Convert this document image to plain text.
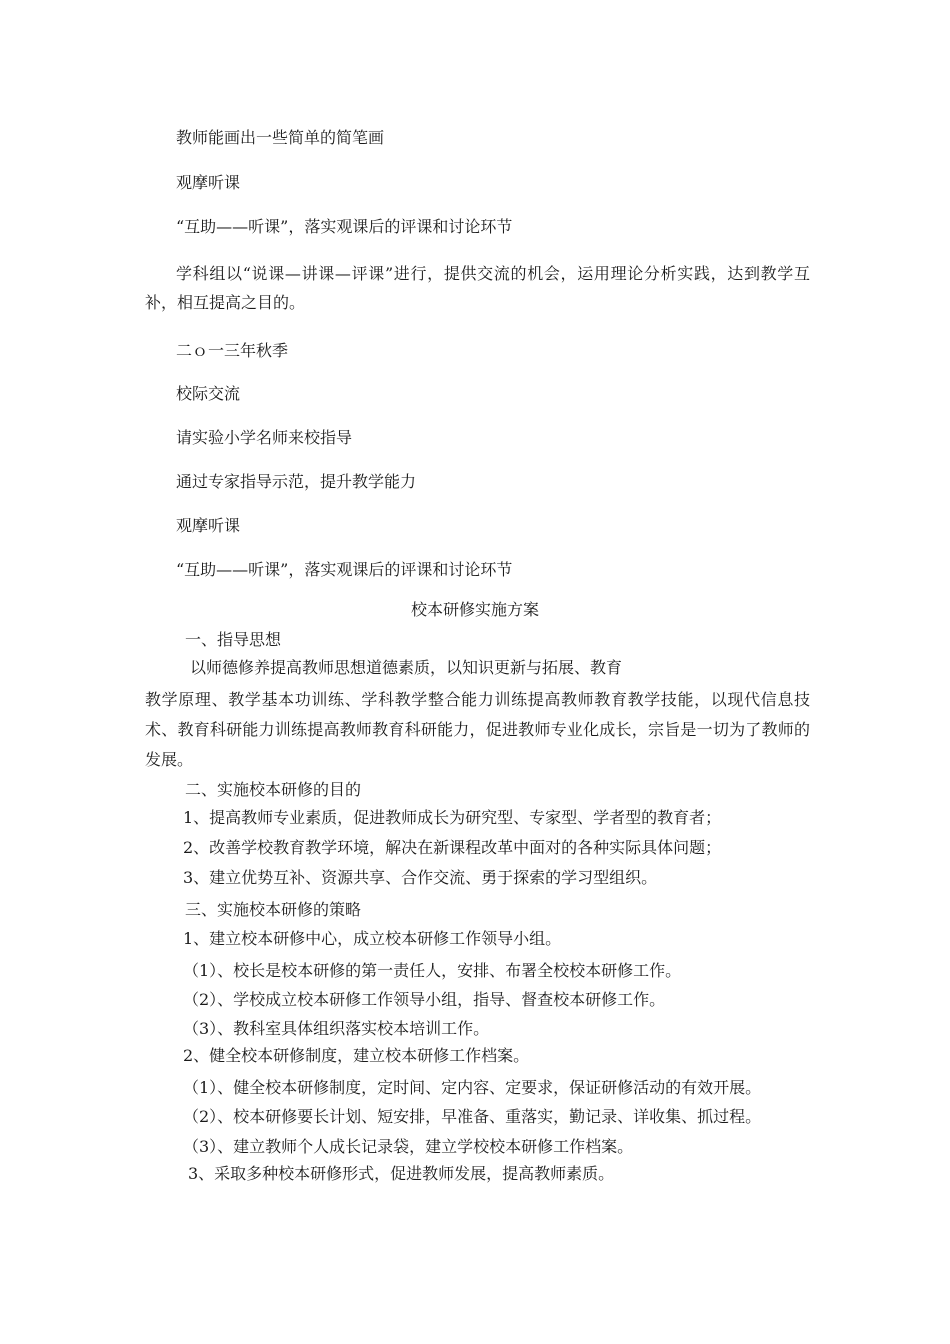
教师能画出一些简单的简笔画
观摩听课
“互助——听课”，落实观课后的评课和讨论环节
学科组以“说课—讲课—评课”进行，提供交流的机会，运用理论分析实践，达到教学互补，相互提高之目的。
二ｏ一三年秋季
校际交流
请实验小学名师来校指导
通过专家指导示范，提升教学能力
观摩听课
“互助——听课”，落实观课后的评课和讨论环节
校本研修实施方案
一、指导思想
以师德修养提高教师思想道德素质，以知识更新与拓展、教育
教学原理、教学基本功训练、学科教学整合能力训练提高教师教育教学技能，以现代信息技术、教育科研能力训练提高教师教育科研能力，促进教师专业化成长，宗旨是一切为了教师的发展。
二、实施校本研修的目的
1、提高教师专业素质，促进教师成长为研究型、专家型、学者型的教育者；
2、改善学校教育教学环境，解决在新课程改革中面对的各种实际具体问题；
3、建立优势互补、资源共享、合作交流、勇于探索的学习型组织。
三、实施校本研修的策略
1、建立校本研修中心，成立校本研修工作领导小组。
（1）、校长是校本研修的第一责任人，安排、布署全校校本研修工作。
（2）、学校成立校本研修工作领导小组，指导、督查校本研修工作。
（3）、教科室具体组织落实校本培训工作。
2、健全校本研修制度，建立校本研修工作档案。
（1）、健全校本研修制度，定时间、定内容、定要求，保证研修活动的有效开展。
（2）、校本研修要长计划、短安排，早准备、重落实，勤记录、详收集、抓过程。
（3）、建立教师个人成长记录袋，建立学校校本研修工作档案。
3、采取多种校本研修形式，促进教师发展，提高教师素质。
